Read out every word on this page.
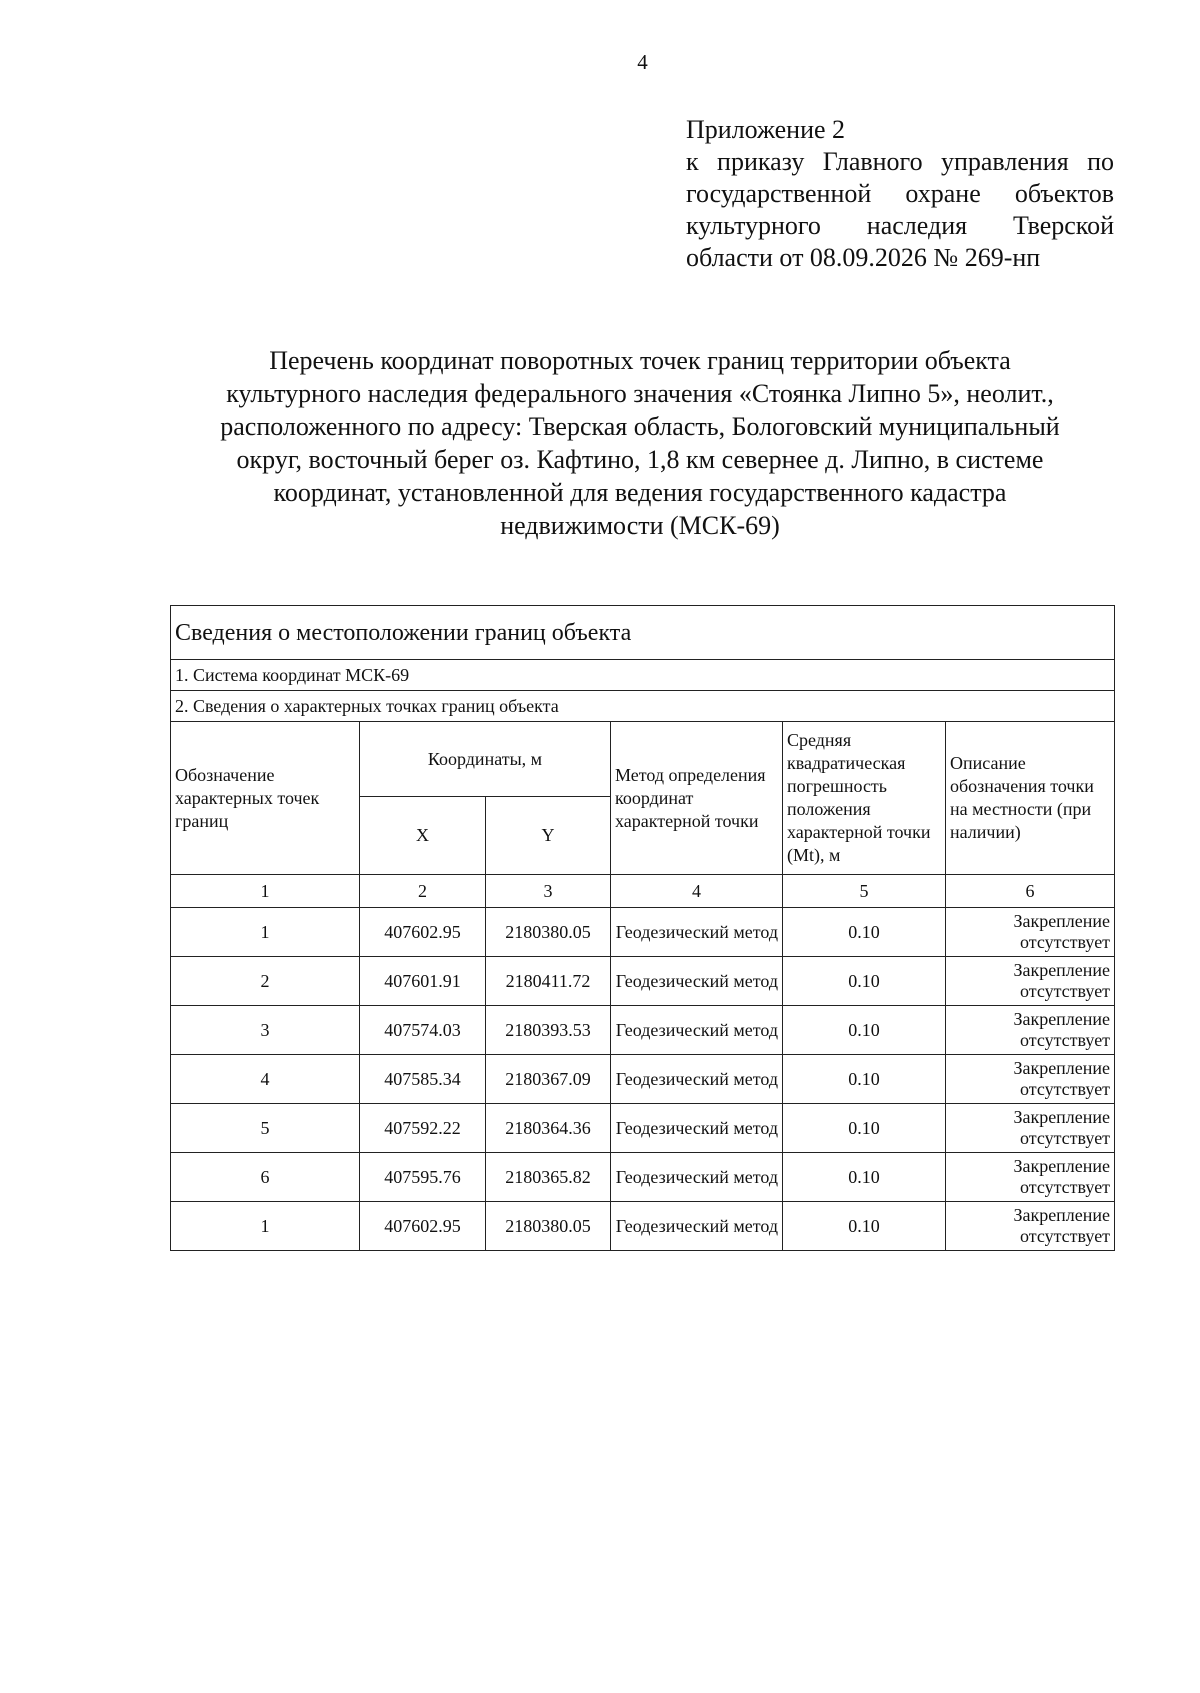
4
Приложение 2
к приказу Главного управления по государственной охране объектов культурного наследия Тверской области от 08.09.2026 № 269-нп
Перечень координат поворотных точек границ территории объекта
культурного наследия федерального значения «Стоянка Липно 5», неолит.,
расположенного по адресу: Тверская область, Бологовский муниципальный
округ, восточный берег оз. Кафтино, 1,8 км севернее д. Липно, в системе
координат, установленной для ведения государственного кадастра
недвижимости (МСК-69)
Сведения о местоположении границ объекта					
1. Система координат МСК-69					
2. Сведения о характерных точках границ объекта					
Обозначение характерных точек границ	Координаты, м		Метод определения координат характерной точки	Средняя квадратическая погрешность положения характерной точки (Mt), м	Описание обозначения точки на местности (при наличии)
	X	Y			
1	2	3	4	5	6
1	407602.95	2180380.05	Геодезический метод	0.10	Закрепление отсутствует
2	407601.91	2180411.72	Геодезический метод	0.10	Закрепление отсутствует
3	407574.03	2180393.53	Геодезический метод	0.10	Закрепление отсутствует
4	407585.34	2180367.09	Геодезический метод	0.10	Закрепление отсутствует
5	407592.22	2180364.36	Геодезический метод	0.10	Закрепление отсутствует
6	407595.76	2180365.82	Геодезический метод	0.10	Закрепление отсутствует
1	407602.95	2180380.05	Геодезический метод	0.10	Закрепление отсутствует
